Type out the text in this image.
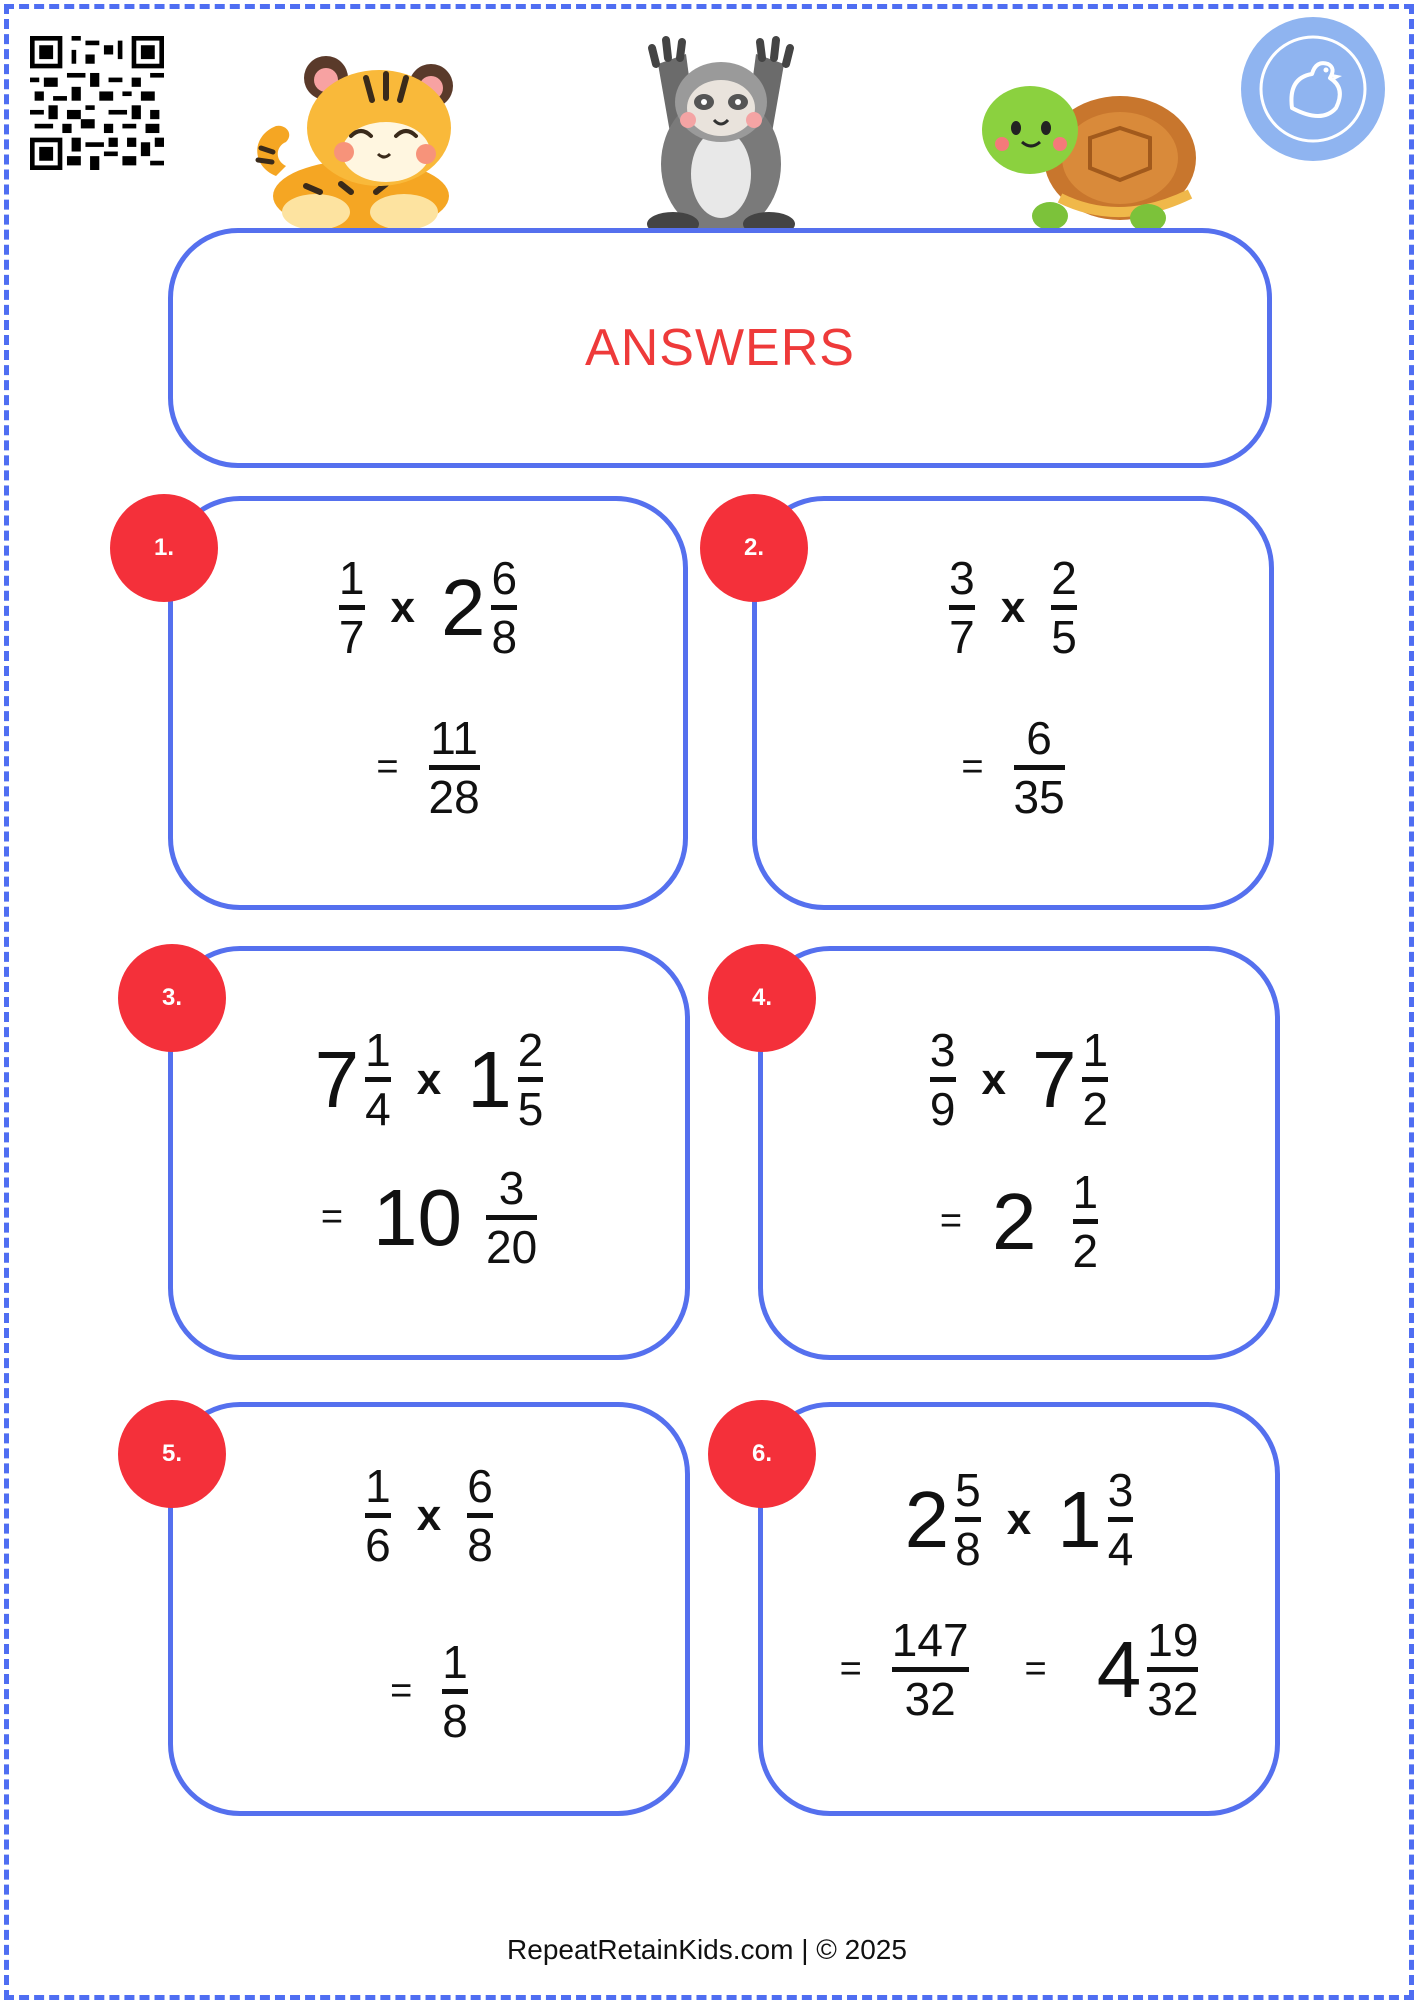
ANSWERS
1
7
x 2 6
8
=
11
28
1.
3
7
x
2
5
=
6
35
2.
7 1
4
x 1 2
5
= 10 3
20
3.
3
9
x 7 1
2
= 2 1
2
4.
1
6
x
6
8
=
1
8
5.
2 5
8
x 1 3
4
=
147
32
= 4 19
32
6.
RepeatRetainKids.com | © 2025
